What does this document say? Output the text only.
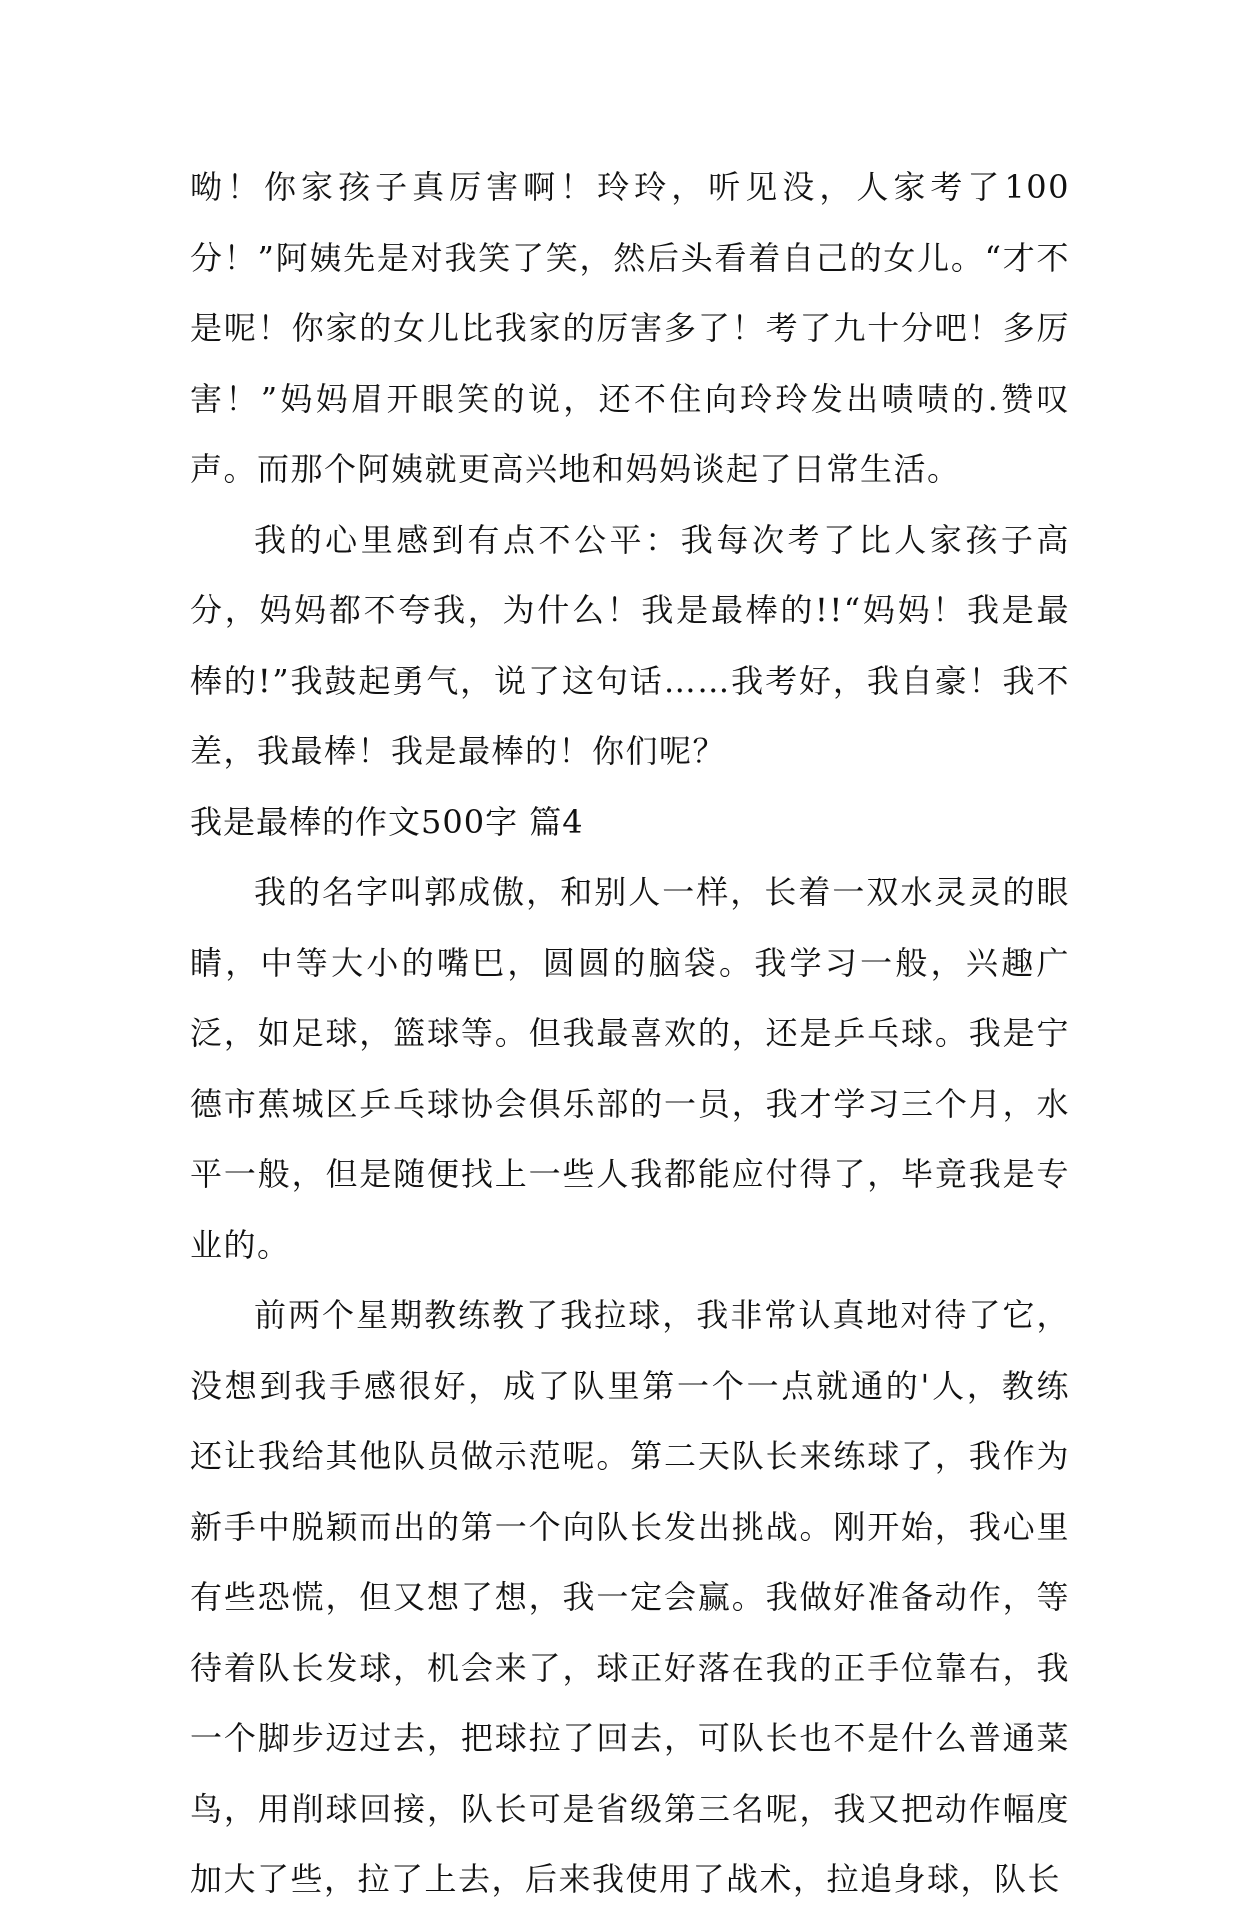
呦！你家孩子真厉害啊！玲玲，听见没，人家考了100分！”阿姨先是对我笑了笑，然后头看着自己的女儿。“才不是呢！你家的女儿比我家的厉害多了！考了九十分吧！多厉害！”妈妈眉开眼笑的说，还不住向玲玲发出啧啧的.赞叹声。而那个阿姨就更高兴地和妈妈谈起了日常生活。

我的心里感到有点不公平：我每次考了比人家孩子高分，妈妈都不夸我，为什么！我是最棒的!!“妈妈！我是最棒的!”我鼓起勇气，说了这句话……我考好，我自豪！我不差，我最棒！我是最棒的！你们呢？

我是最棒的作文500字 篇4

我的名字叫郭成傲，和别人一样，长着一双水灵灵的眼睛，中等大小的嘴巴，圆圆的脑袋。我学习一般，兴趣广泛，如足球，篮球等。但我最喜欢的，还是乒乓球。我是宁德市蕉城区乒乓球协会俱乐部的一员，我才学习三个月，水平一般，但是随便找上一些人我都能应付得了，毕竟我是专业的。

前两个星期教练教了我拉球，我非常认真地对待了它，没想到我手感很好，成了队里第一个一点就通的'人，教练还让我给其他队员做示范呢。第二天队长来练球了，我作为新手中脱颖而出的第一个向队长发出挑战。刚开始，我心里有些恐慌，但又想了想，我一定会赢。我做好准备动作，等待着队长发球，机会来了，球正好落在我的正手位靠右，我一个脚步迈过去，把球拉了回去，可队长也不是什么普通菜鸟，用削球回接，队长可是省级第三名呢，我又把动作幅度加大了些，拉了上去，后来我使用了战术，拉追身球，队长
